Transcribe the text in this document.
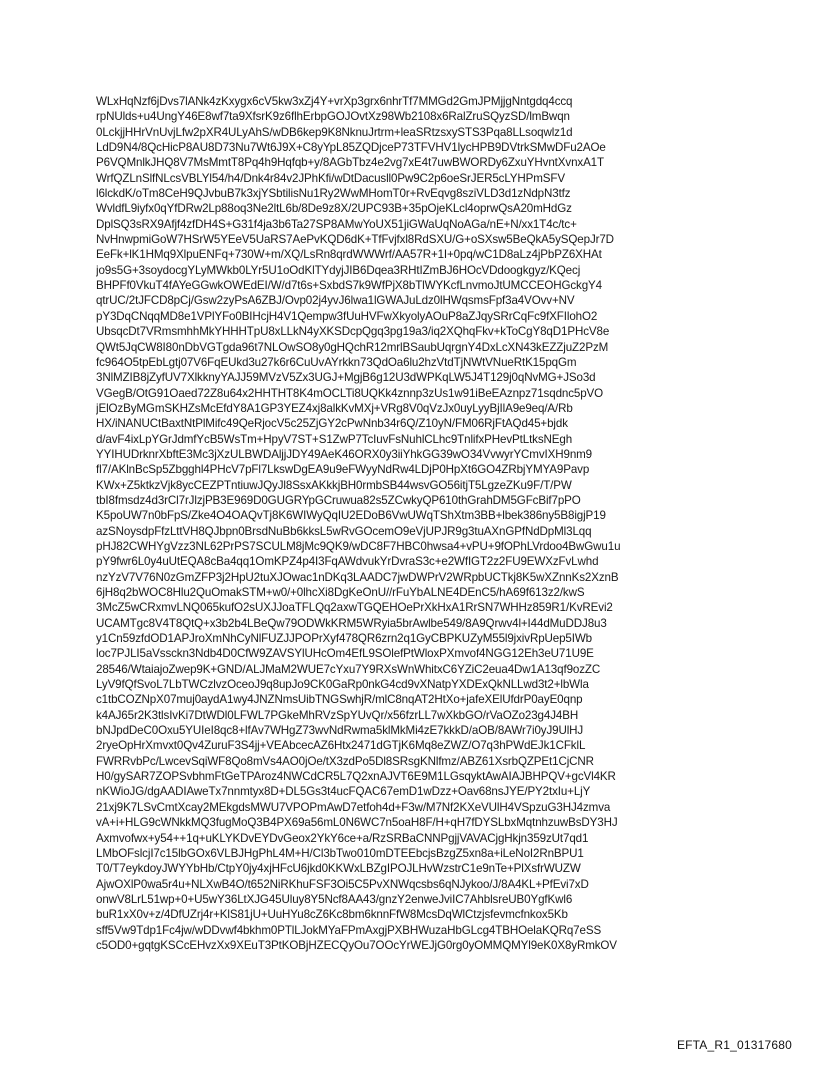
WLxHqNzf6jDvs7lANk4zKxygx6cV5kw3xZj4Y+vrXp3grx6nhrTf7MMGd2GmJPMjjgNntgdq4ccq
rpNUlds+u4UngY46E8wf7ta9XfsrK9z6flhErbpGOJOvtXz98Wb2108x6RalZruSQyzSD/lmBwqn
0LckjjHHrVnUvjLfw2pXR4ULyAhS/wDB6kep9K8NknuJrtrm+leaSRtzsxySTS3Pqa8LLsoqwlz1d
LdD9N4/8QcHicP8AU8D73Nu7Wt6J9X+C8yYpL85ZQDjceP73TFVHV1lycHPB9DVtrkSMwDFu2AOe
P6VQMnlkJHQ8V7MsMmtT8Pq4h9Hqfqb+y/8AGbTbz4e2vg7xE4t7uwBWORDy6ZxuYHvntXvnxA1T
WrfQZLnSlfNLcsVBLYl54/h4/Dnk4r84v2JPhKfi/wDtDacusll0Pw9C2p6oeSrJER5cLYHPmSFV
l6lckdK/oTm8CeH9QJvbuB7k3xjYSbtilisNu1Ry2WwMHomT0r+RvEqvg8sziVLD3d1zNdpN3tfz
WvldfL9iyfx0qYfDRw2Lp88oq3Ne2ltL6b/8De9z8X/2UPC93B+35pOjeKLcl4oprwQsA20mHdGz
DplSQ3sRX9Afjf4zfDH4S+G31f4ja3b6Ta27SP8AMwYoUX51jiGWaUqNoAGa/nE+N/xx1T4c/tc+
NvHnwpmiGoW7HSrW5YEeV5UaRS7AePvKQD6dK+TfFvjfxl8RdSXU/G+oSXsw5BeQkA5ySQepJr7D
EeFk+lK1HMq9XlpuENFq+730W+m/XQ/LsRn8qrdWWWrf/AA57R+1I+0pq/wC1D8aLz4jPbPZ6XHAt
jo9s5G+3soydocgYLyMWkb0LYr5U1oOdKlTYdyjJIB6Dqea3RHtIZmBJ6HOcVDdoogkgyz/KQecj
BHPFf0VkuT4fAYeGGwkOWEdEI/W/d7t6s+SxbdS7k9WfPjX8bTlWYKcfLnvmoJtUMCCEOHGckgY4
qtrUC/2tJFCD8pCj/Gsw2zyPsA6ZBJ/Ovp02j4yvJ6lwa1lGWAJuLdz0lHWqsmsFpf3a4VOvv+NV
pY3DqCNqqMD8e1VPlYFo0BIHcjH4V1Qempw3fUuHVFwXkyolyAOuP8aZJqySRrCqFc9fXFIlohO2
UbsqcDt7VRmsmhhMkYHHHTpU8xLLkN4yXKSDcpQgq3pg19a3/iq2XQhqFkv+kToCgY8qD1PHcV8e
QWt5JqCW8I80nDbVGTgda96t7NLOwSO8y0gHQchR12mrlBSaubUqrgnY4DxLcXN43kEZZjuZ2PzM
fc964O5tpEbLgtj07V6FqEUkd3u27k6r6CuUvAYrkkn73QdOa6lu2hzVtdTjNWtVNueRtK15pqGm
3NlMZIB8jZyfUV7XlkknyYAJJ59MVzV5Zx3UGJ+MgjB6g12U3dWPKqLW5J4T129j0qNvMG+JSo3d
VGegB/OtG91Oaed72Z8u64x2HHTHT8K4mOCLTi8UQKk4znnp3zUs1w91iBeEAznpz71sqdnc5pVO
jElOzByMGmSKHZsMcEfdY8A1GP3YEZ4xj8alkKvMXj+VRg8V0qVzJx0uyLyyBjIlA9e9eq/A/Rb
HX/iNANUCtBaxtNtPlMifc49QeRjocV5c25ZjGY2cPwNnb34r6Q/Z10yN/FM06RjFtAQd45+bjdk
d/avF4ixLpYGrJdmfYcB5WsTm+HpyV7ST+S1ZwP7TcIuvFsNuhlCLhc9TnlifxPHevPtLtksNEgh
YYIHUDrknrXbftE3Mc3jXzULBWDAljjJDY49AeK46ORX0y3iiYhkGG39wO34VvwyrYCmvIXH9nm9
fl7/AKlnBcSp5Zbgghl4PHcV7pFl7LkswDgEA9u9eFWyyNdRw4LDjP0HpXt6GO4ZRbjYMYA9Pavp
KWx+Z5ktkzVjk8ycCEZPTntiuwJQyJl8SsxAKkkjBH0rmbSB44wsvGO56itjT5LgzeZKu9F/T/PW
tbI8fmsdz4d3rCl7rJlzjPB3E969D0GUGRYpGCruwua82s5ZCwkyQP610thGrahDM5GFcBif7pPO
K5poUW7n0bFpS/Zke4O4OAQvTj8K6WIWyQqIU2EDoB6VwUWqTShXtm3BB+lbek386ny5B8igjP19
azSNoysdpFfzLttVH8QJbpn0BrsdNuBb6kksL5wRvGOcemO9eVjUPJR9g3tuAXnGPfNdDpMl3Lqq
pHJ82CWHYgVzz3NL62PrPS7SCULM8jMc9QK9/wDC8F7HBC0hwsa4+vPU+9fOPhLVrdoo4BwGwu1u
pY9fwr6L0y4uUtEQA8cBa4qq1OmKPZ4p4I3FqAWdvukYrDvraS3c+e2WfIGT2z2FU9EWXzFvLwhd
nzYzV7V76N0zGmZFP3j2HpU2tuXJOwac1nDKq3LAADC7jwDWPrV2WRpbUCTkj8K5wXZnnKs2XznB
6jH8q2bWOC8Hlu2QuOmakSTM+w0/+0lhcXi8DgKeOnU//rFuYbALNE4DEnC5/hA69f613z2/kwS
3McZ5wCRxmvLNQ065kufO2sUXJJoaTFLQq2axwTGQEHOePrXkHxA1RrSN7WHHz859R1/KvREvi2
UCAMTgc8V4T8QtQ+x3b2b4LBeQw79ODWkKRM5WRyia5brAwlbe549/8A9Qrwv4l+I44dMuDDJ8u3
y1Cn59zfdOD1APJroXmNhCyNlFUZJJPOPrXyf478QR6zrn2q1GyCBPKUZyM55l9jxivRpUep5IWb
loc7PJLI5aVssckn3Ndb4D0CfW9ZAVSYlUHcOm4EfL9SOlefPtWloxPXmvof4NGG12Eh3eU71U9E
28546/WtaiajoZwep9K+GND/ALJMaM2WUE7cYxu7Y9RXsWnWhitxC6YZiC2eua4Dw1A13qf9ozZC
LyV9fQfSvoL7LbTWCzlvzOceoJ9q8upJo9CK0GaRp0nkG4cd9vXNatpYXDExQkNLLwd3t2+lbWla
c1tbCOZNpX07muj0aydA1wy4JNZNmsUibTNGSwhjR/mlC8nqAT2HtXo+jafeXElUfdrP0ayE0qnp
k4AJ65r2K3tlsIvKi7DtWDl0LFWL7PGkeMhRVzSpYUvQr/x56fzrLL7wXkbGO/rVaOZo23g4J4BH
bNJpdDeC0Oxu5YUIeI8qc8+lfAv7WHgZ73wvNdRwma5klMkMi4zE7kkkD/aOB/8AWr7i0yJ9UlHJ
2ryeOpHrXmvxt0Qv4ZuruF3S4jj+VEAbcecAZ6Htx2471dGTjK6Mq8eZWZ/O7q3hPWdEJk1CFklL
FWRRvbPc/LwcevSqiWF8Qo8mVs4AO0jOe/tX3zdPo5Dl8SRsgKNlfmz/ABZ61XsrbQZPEt1CjCNR
H0/gySAR7ZOPSvbhmFtGeTPAroz4NWCdCR5L7Q2xnAJVT6E9M1LGsqyktAwAIAJBHPQV+gcVl4KR
nKWioJG/dgAADIAweTx7nnmtyx8D+DL5Gs3t4ucFQAC67emD1wDzz+Oav68nsJYE/PY2txIu+LjY
21xj9K7LSvCmtXcay2MEkgdsMWU7VPOPmAwD7etfoh4d+F3w/M7Nf2KXeVUlH4VSpzuG3HJ4zmva
vA+i+HLG9cWNkkMQ3fugMoQ3B4PX69a56mL0N6WC7n5oaH8F/H+qH7fDYSLbxMqtnhzuwBsDY3HJ
Axmvofwx+y54++1q+uKLYKDvEYDvGeox2YkY6ce+a/RzSRBaCNNPgjjVAVACjgHkjn359zUt7qd1
LMbOFslcjI7c15lbGOx6VLBJHgPhL4M+H/Cl3bTwo010mDTEEbcjsBzgZ5xn8a+iLeNoI2RnBPU1
T0/T7eykdoyJWYYbHb/CtpY0jy4xjHFcU6jkd0KKWxLBZgIPOJLHvWzstrC1e9nTe+PlXsfrWUZW
AjwOXlP0wa5r4u+NLXwB4O/t652NiRKhuFSF3Oi5C5PvXNWqcsbs6qNJykoo/J/8A4KL+PfEvi7xD
onwV8LrL51wp+0+U5wY36LtXJG45Uluy8Y5Ncf8AA43/gnzY2enweJviIC7AhblsreUB0YgfKwl6
buR1xX0v+z/4DfUZrj4r+KlS81jU+UuHYu8cZ6Kc8bm6knnFfW8McsDqWlCtzjsfevmcfnkox5Kb
sff5Vw9Tdp1Fc4jw/wDDvwf4bkhm0PTlLJokMYaFPmAxgjPXBHWuzaHbGLcg4TBHOelaKQRq7eSS
c5OD0+gqtgKSCcEHvzXx9XEuT3PtKOBjHZECQyOu7OOcYrWEJjG0rg0yOMMQMYl9eK0X8yRmkOV
EFTA_R1_01317680
